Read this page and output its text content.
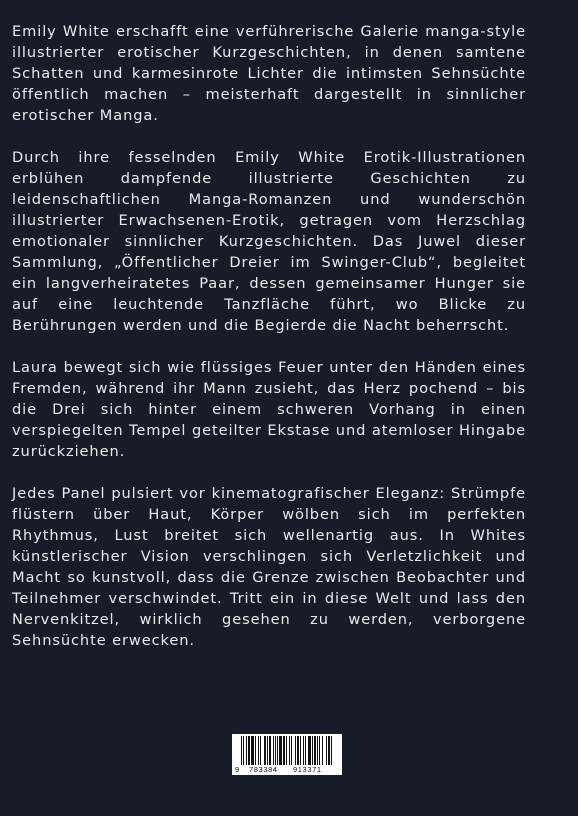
Emily White erschafft eine verführerische Galerie manga-style illustrierter erotischer Kurzgeschichten, in denen samtene Schatten und karmesinrote Lichter die intimsten Sehnsüchte öffentlich machen – meisterhaft dargestellt in sinnlicher erotischer Manga.

Durch ihre fesselnden Emily White Erotik-Illustrationen erblühen dampfende illustrierte Geschichten zu leidenschaftlichen Manga-Romanzen und wunderschön illustrierter Erwachsenen-Erotik, getragen vom Herzschlag emotionaler sinnlicher Kurzgeschichten. Das Juwel dieser Sammlung, „Öffentlicher Dreier im Swinger-Club“, begleitet ein langverheiratetes Paar, dessen gemeinsamer Hunger sie auf eine leuchtende Tanzfläche führt, wo Blicke zu Berührungen werden und die Begierde die Nacht beherrscht.

Laura bewegt sich wie flüssiges Feuer unter den Händen eines Fremden, während ihr Mann zusieht, das Herz pochend – bis die Drei sich hinter einem schweren Vorhang in einen verspiegelten Tempel geteilter Ekstase und atemloser Hingabe zurückziehen.

Jedes Panel pulsiert vor kinematografischer Eleganz: Strümpfe flüstern über Haut, Körper wölben sich im perfekten Rhythmus, Lust breitet sich wellenartig aus. In Whites künstlerischer Vision verschlingen sich Verletzlichkeit und Macht so kunstvoll, dass die Grenze zwischen Beobachter und Teilnehmer verschwindet. Tritt ein in diese Welt und lass den Nervenkitzel, wirklich gesehen zu werden, verborgene Sehnsüchte erwecken.

9 783384 913371
